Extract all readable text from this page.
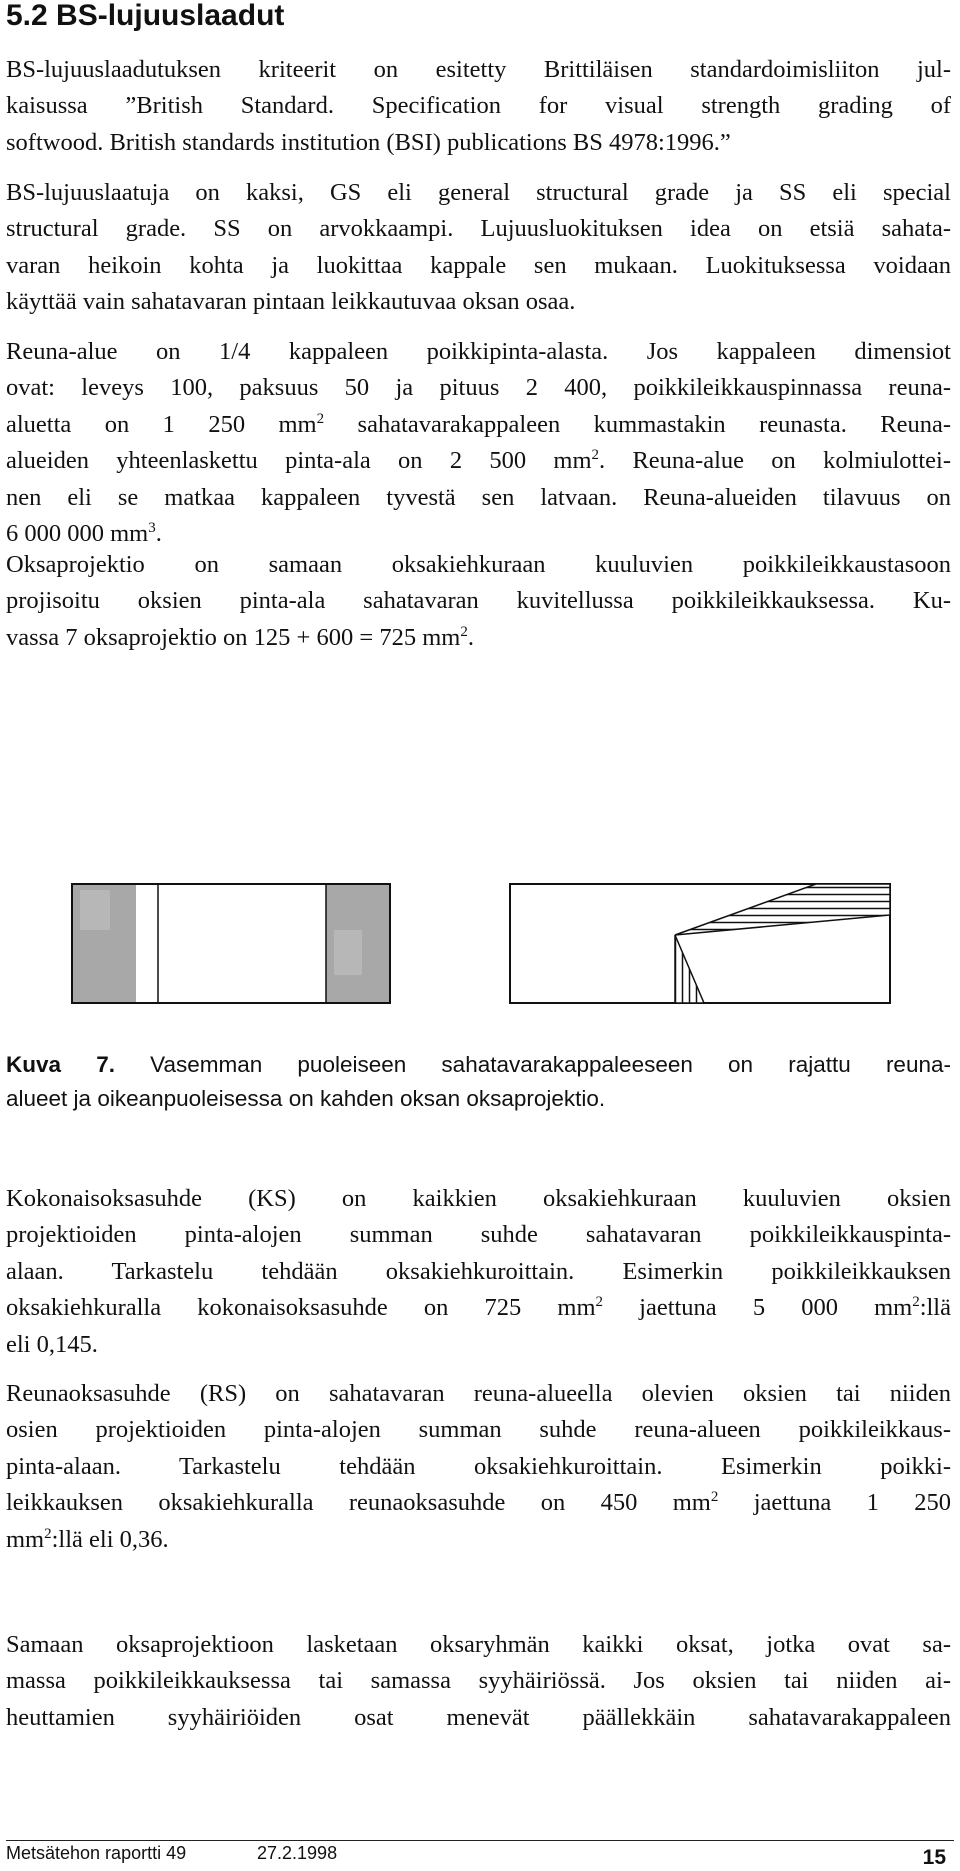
5.2 BS-lujuuslaadut
BS-lujuuslaadutuksen kriteerit on esitetty Brittiläisen standardoimisliiton jul-
kaisussa ”British Standard. Specification for visual strength grading of
softwood. British standards institution (BSI) publications BS 4978:1996.”
BS-lujuuslaatuja on kaksi, GS eli general structural grade ja SS eli special
structural grade. SS on arvokkaampi. Lujuusluokituksen idea on etsiä sahata-
varan heikoin kohta ja luokittaa kappale sen mukaan. Luokituksessa voidaan
käyttää vain sahatavaran pintaan leikkautuvaa oksan osaa.
Reuna-alue on 1/4 kappaleen poikkipinta-alasta. Jos kappaleen dimensiot
ovat: leveys 100, paksuus 50 ja pituus 2 400, poikkileikkauspinnassa reuna-
aluetta on 1 250 $mm^2$ sahatavarakappaleen kummastakin reunasta. Reuna-
alueiden yhteenlaskettu pinta-ala on 2 500 $mm^2$. Reuna-alue on kolmiulottei-
nen eli se matkaa kappaleen tyvestä sen latvaan. Reuna-alueiden tilavuus on
6 000 000 $mm^3$.
Oksaprojektio on samaan oksakiehkuraan kuuluvien poikkileikkaustasoon
projisoitu oksien pinta-ala sahatavaran kuvitellussa poikkileikkauksessa. Ku-
vassa 7 oksaprojektio on 125 + 600 = 725 $mm^2$.
Kuva 7. Vasemman puoleiseen sahatavarakappaleeseen on rajattu reuna-
alueet ja oikeanpuoleisessa on kahden oksan oksaprojektio.
Kokonaisoksasuhde (KS) on kaikkien oksakiehkuraan kuuluvien oksien
projektioiden pinta-alojen summan suhde sahatavaran poikkileikkauspinta-
alaan. Tarkastelu tehdään oksakiehkuroittain. Esimerkin poikkileikkauksen
oksakiehkuralla kokonaisoksasuhde on 725 $mm^2$ jaettuna 5 000 $mm^2:llä$
eli 0,145.
Reunaoksasuhde (RS) on sahatavaran reuna-alueella olevien oksien tai niiden
osien projektioiden pinta-alojen summan suhde reuna-alueen poikkileikkaus-
pinta-alaan. Tarkastelu tehdään oksakiehkuroittain. Esimerkin poikki-
leikkauksen oksakiehkuralla reunaoksasuhde on 450 $mm^2$ jaettuna 1 250
$mm^2:llä$ eli 0,36.
Samaan oksaprojektioon lasketaan oksaryhmän kaikki oksat, jotka ovat sa-
massa poikkileikkauksessa tai samassa syyhäiriössä. Jos oksien tai niiden ai-
heuttamien syyhäiriöiden osat menevät päällekkäin sahatavarakappaleen
Metsätehon raportti 49	27.2.1998	15
